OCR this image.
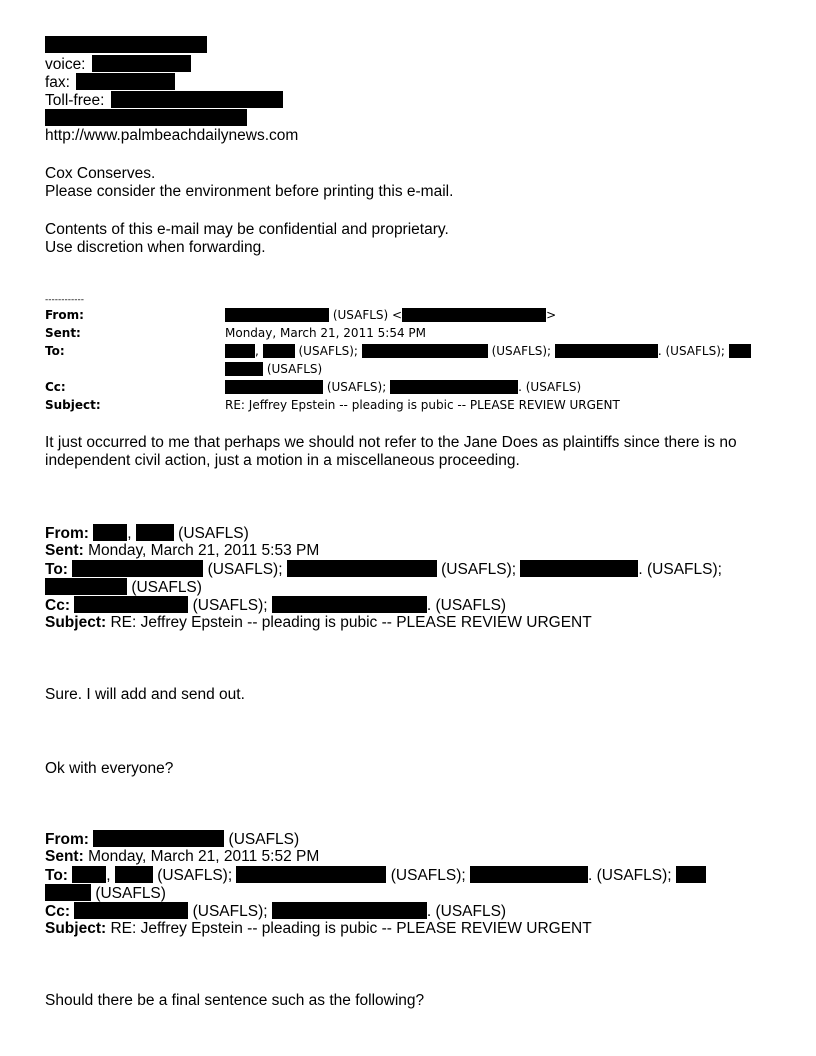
voice:
fax:
Toll-free:
http://www.palmbeachdailynews.com
Cox Conserves.
Please consider the environment before printing this e-mail.
Contents of this e-mail may be confidential and proprietary.
Use discretion when forwarding.
------------
From:	(USAFLS) <	>
Sent:	Monday, March 21, 2011 5:54 PM
To:	,	(USAFLS);	(USAFLS);	. (USAFLS);
(USAFLS)
Cc:	(USAFLS);	. (USAFLS)
Subject:	RE: Jeffrey Epstein -- pleading is pubic -- PLEASE REVIEW URGENT
It just occurred to me that perhaps we should not refer to the Jane Does as plaintiffs since there is no
independent civil action, just a motion in a miscellaneous proceeding.
From: ,	(USAFLS)
Sent: Monday, March 21, 2011 5:53 PM
To:	(USAFLS);	(USAFLS);	. (USAFLS);
(USAFLS)
Cc:	(USAFLS);	. (USAFLS)
Subject: RE: Jeffrey Epstein -- pleading is pubic -- PLEASE REVIEW URGENT
Sure. I will add and send out.
Ok with everyone?
From:	(USAFLS)
Sent: Monday, March 21, 2011 5:52 PM
To: ,	(USAFLS);	(USAFLS);	. (USAFLS);
(USAFLS)
Cc:	(USAFLS);	. (USAFLS)
Subject: RE: Jeffrey Epstein -- pleading is pubic -- PLEASE REVIEW URGENT
Should there be a final sentence such as the following?
